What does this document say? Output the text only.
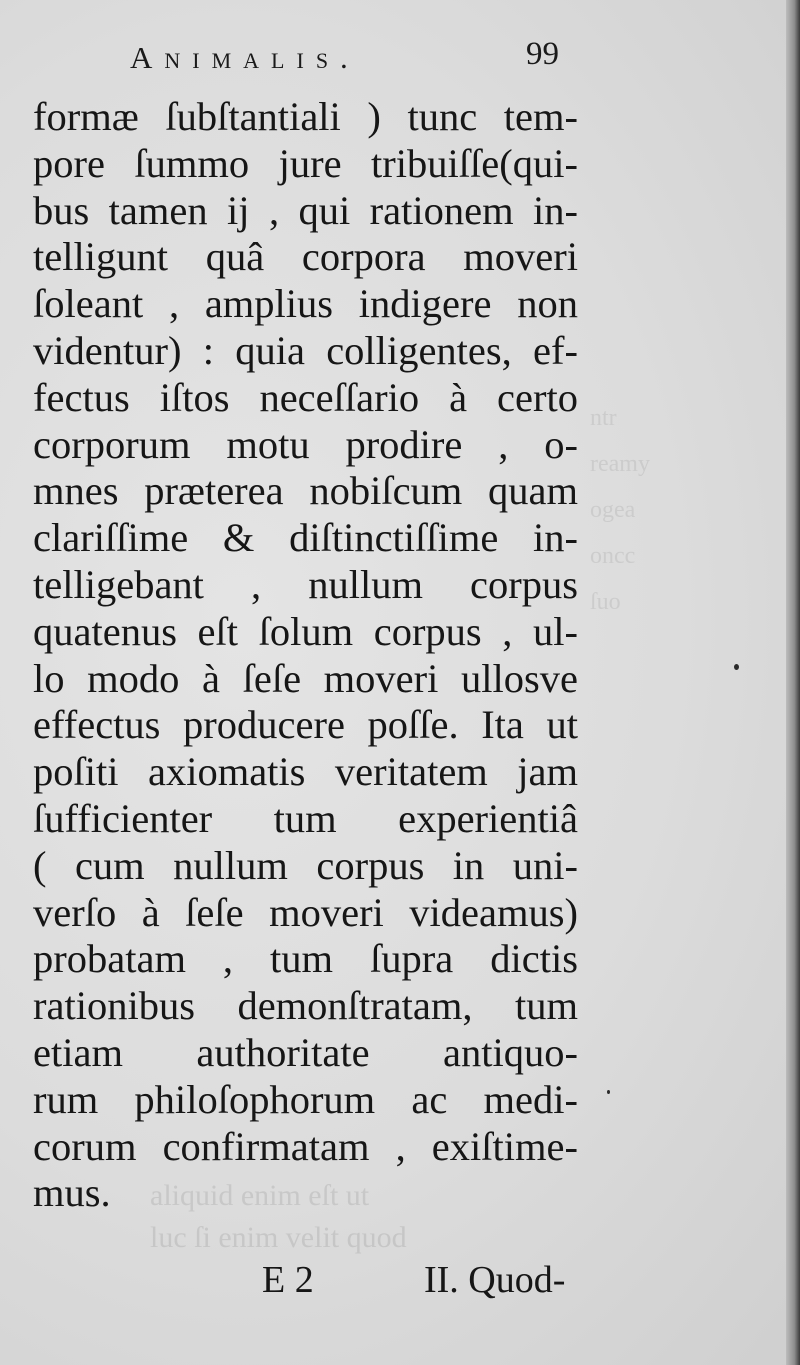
ntr
reamy
ogea
oncc
ſuo
aliquid enim eſt ut
luc ſi enim velit quod
Animalis.	99
formæ ſubſtantiali ) tunc tem-
pore ſummo jure tribuiſſe(qui-
bus tamen ij , qui rationem in-
telligunt quâ corpora moveri
ſoleant , amplius indigere non
videntur) : quia colligentes, ef-
fectus iſtos neceſſario à certo
corporum motu prodire , o-
mnes præterea nobiſcum quam
clariſſime & diſtinctiſſime in-
telligebant , nullum corpus
quatenus eſt ſolum corpus , ul-
lo modo à ſeſe moveri ullosve
effectus producere poſſe. Ita ut
poſiti axiomatis veritatem jam
ſufficienter tum experientiâ
( cum nullum corpus in uni-
verſo à ſeſe moveri videamus)
probatam , tum ſupra dictis
rationibus demonſtratam, tum
etiam authoritate antiquo-
rum philoſophorum ac medi-
corum confirmatam , exiſtime-
mus.
E 2	II. Quod-
